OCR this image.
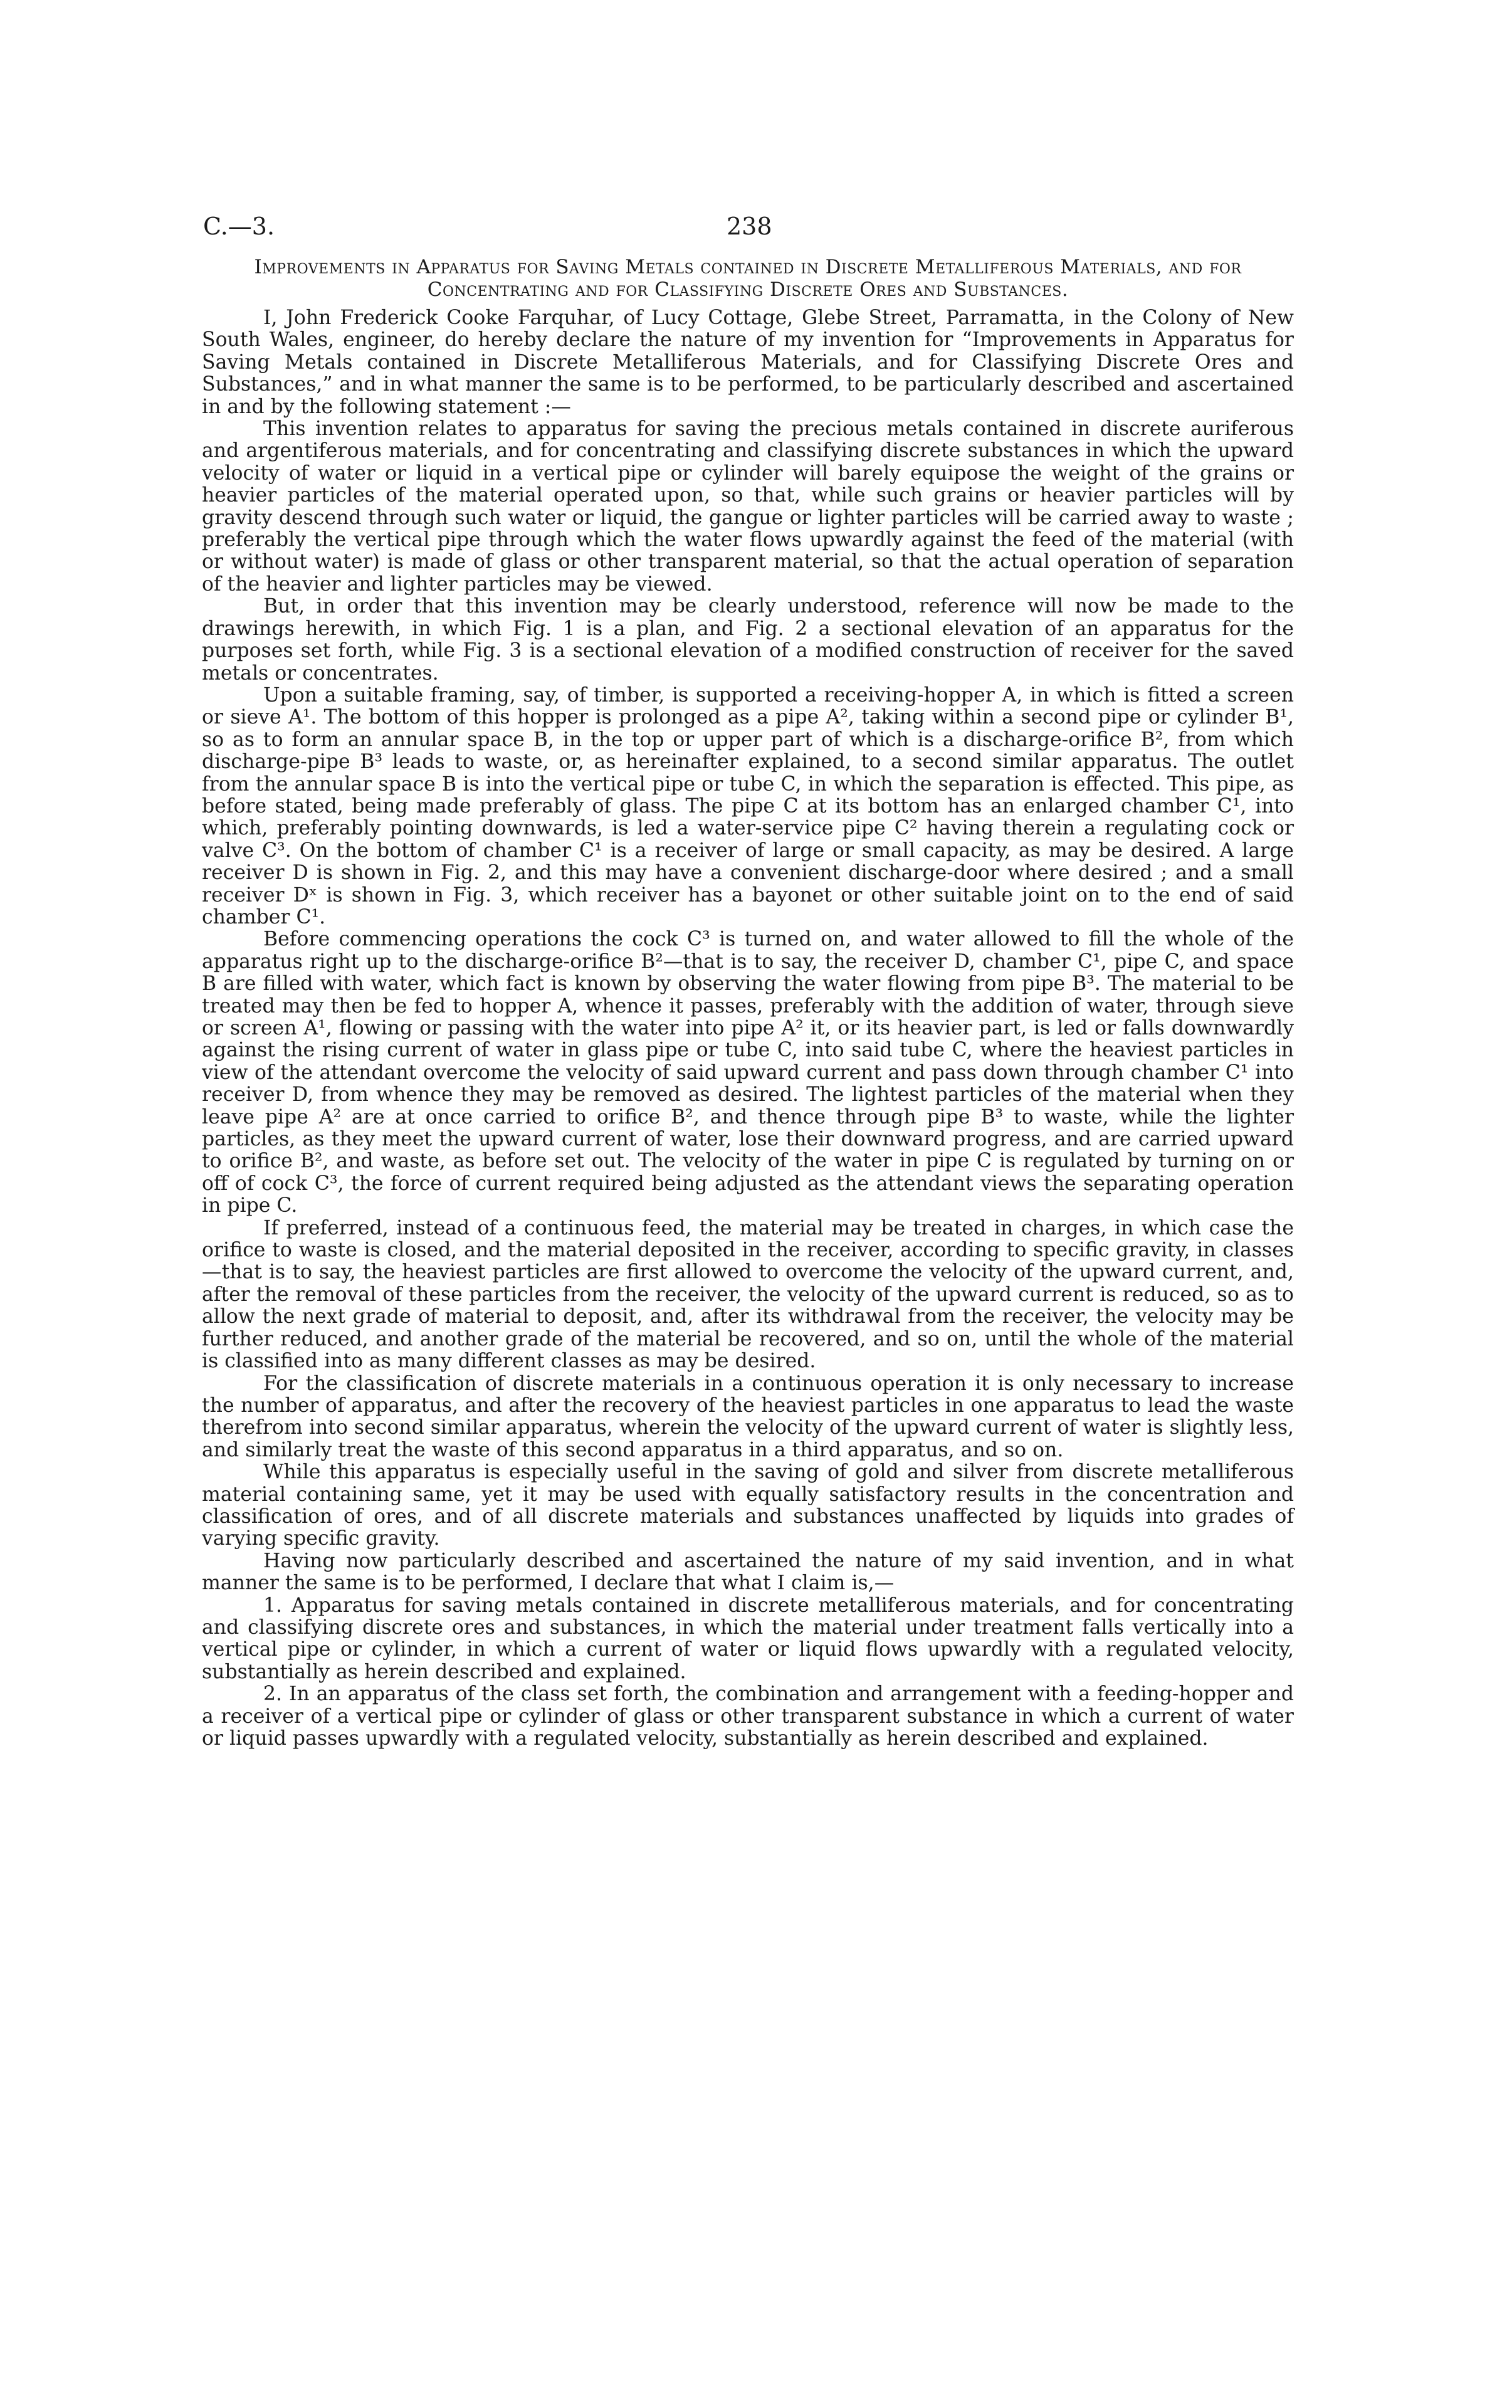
C.—3.	238
Improvements in Apparatus for Saving Metals contained in Discrete Metalliferous Materials, and for Concentrating and for Classifying Discrete Ores and Substances.

I, John Frederick Cooke Farquhar, of Lucy Cottage, Glebe Street, Parramatta, in the Colony of New South Wales, engineer, do hereby declare the nature of my invention for “Improvements in Apparatus for Saving Metals contained in Discrete Metalliferous Materials, and for Classifying Discrete Ores and Substances,” and in what manner the same is to be performed, to be particularly described and ascertained in and by the following statement :—

This invention relates to apparatus for saving the precious metals contained in discrete auriferous and argentiferous materials, and for concentrating and classifying discrete substances in which the upward velocity of water or liquid in a vertical pipe or cylinder will barely equipose the weight of the grains or heavier particles of the material operated upon, so that, while such grains or heavier particles will by gravity descend through such water or liquid, the gangue or lighter particles will be carried away to waste ; preferably the vertical pipe through which the water flows upwardly against the feed of the material (with or without water) is made of glass or other transparent material, so that the actual operation of separation of the heavier and lighter particles may be viewed.

But, in order that this invention may be clearly understood, reference will now be made to the drawings herewith, in which Fig. 1 is a plan, and Fig. 2 a sectional elevation of an apparatus for the purposes set forth, while Fig. 3 is a sectional elevation of a modified construction of receiver for the saved metals or concentrates.

Upon a suitable framing, say, of timber, is supported a receiving-hopper A, in which is fitted a screen or sieve A¹. The bottom of this hopper is prolonged as a pipe A², taking within a second pipe or cylinder B¹, so as to form an annular space B, in the top or upper part of which is a discharge-orifice B², from which discharge-pipe B³ leads to waste, or, as hereinafter explained, to a second similar apparatus. The outlet from the annular space B is into the vertical pipe or tube C, in which the separation is effected. This pipe, as before stated, being made preferably of glass. The pipe C at its bottom has an enlarged chamber C¹, into which, preferably pointing downwards, is led a water-service pipe C² having therein a regulating cock or valve C³. On the bottom of chamber C¹ is a receiver of large or small capacity, as may be desired. A large receiver D is shown in Fig. 2, and this may have a convenient discharge-door where desired ; and a small receiver Dˣ is shown in Fig. 3, which receiver has a bayonet or other suitable joint on to the end of said chamber C¹.

Before commencing operations the cock C³ is turned on, and water allowed to fill the whole of the apparatus right up to the discharge-orifice B²—that is to say, the receiver D, chamber C¹, pipe C, and space B are filled with water, which fact is known by observing the water flowing from pipe B³. The material to be treated may then be fed to hopper A, whence it passes, preferably with the addition of water, through sieve or screen A¹, flowing or passing with the water into pipe A² it, or its heavier part, is led or falls downwardly against the rising current of water in glass pipe or tube C, into said tube C, where the heaviest particles in view of the attendant overcome the velocity of said upward current and pass down through chamber C¹ into receiver D, from whence they may be removed as desired. The lightest particles of the material when they leave pipe A² are at once carried to orifice B², and thence through pipe B³ to waste, while the lighter particles, as they meet the upward current of water, lose their downward progress, and are carried upward to orifice B², and waste, as before set out. The velocity of the water in pipe C is regulated by turning on or off of cock C³, the force of current required being adjusted as the attendant views the separating operation in pipe C.

If preferred, instead of a continuous feed, the material may be treated in charges, in which case the orifice to waste is closed, and the material deposited in the receiver, according to specific gravity, in classes—that is to say, the heaviest particles are first allowed to overcome the velocity of the upward current, and, after the removal of these particles from the receiver, the velocity of the upward current is reduced, so as to allow the next grade of material to deposit, and, after its withdrawal from the receiver, the velocity may be further reduced, and another grade of the material be recovered, and so on, until the whole of the material is classified into as many different classes as may be desired.

For the classification of discrete materials in a continuous operation it is only necessary to increase the number of apparatus, and after the recovery of the heaviest particles in one apparatus to lead the waste therefrom into second similar apparatus, wherein the velocity of the upward current of water is slightly less, and similarly treat the waste of this second apparatus in a third apparatus, and so on.

While this apparatus is especially useful in the saving of gold and silver from discrete metalliferous material containing same, yet it may be used with equally satisfactory results in the concentration and classification of ores, and of all discrete materials and substances unaffected by liquids into grades of varying specific gravity.

Having now particularly described and ascertained the nature of my said invention, and in what manner the same is to be performed, I declare that what I claim is,—

1. Apparatus for saving metals contained in discrete metalliferous materials, and for concentrating and classifying discrete ores and substances, in which the material under treatment falls vertically into a vertical pipe or cylinder, in which a current of water or liquid flows upwardly with a regulated velocity, substantially as herein described and explained.

2. In an apparatus of the class set forth, the combination and arrangement with a feeding-hopper and a receiver of a vertical pipe or cylinder of glass or other transparent substance in which a current of water or liquid passes upwardly with a regulated velocity, substantially as herein described and explained.
